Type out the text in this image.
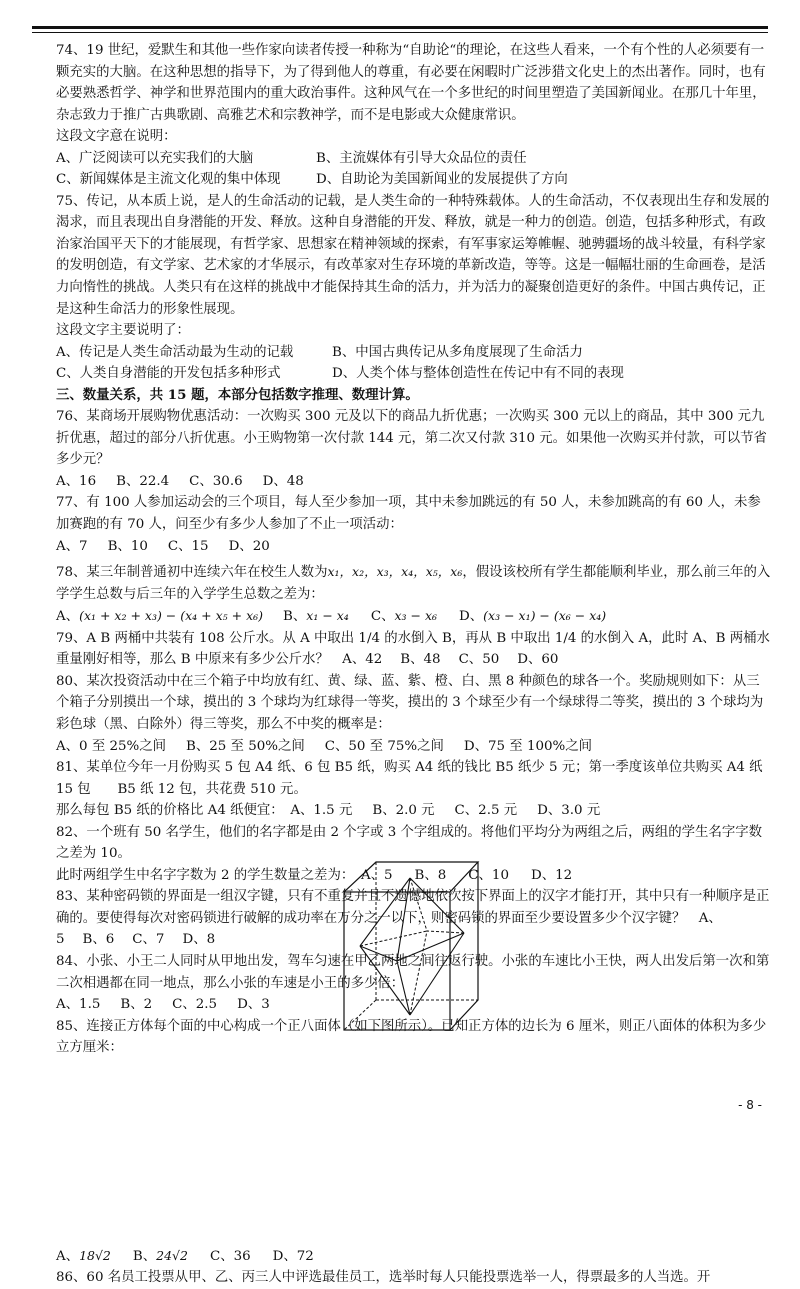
74、19 世纪，爱默生和其他一些作家向读者传授一种称为“自助论“的理论，在这些人看来，一个有个性的人必须要有一颗充实的大脑。在这种思想的指导下，为了得到他人的尊重，有必要在闲暇时广泛涉猎文化史上的杰出著作。同时，也有必要熟悉哲学、神学和世界范围内的重大政治事件。这种风气在一个多世纪的时间里塑造了美国新闻业。在那几十年里，杂志致力于推广古典歌剧、高雅艺术和宗教神学，而不是电影或大众健康常识。

这段文字意在说明：

A、广泛阅读可以充实我们的大脑	B、主流媒体有引导大众品位的责任

C、新闻媒体是主流文化观的集中体现	D、自助论为美国新闻业的发展提供了方向

75、传记，从本质上说，是人的生命活动的记载，是人类生命的一种特殊载体。人的生命活动，不仅表现出生存和发展的渴求，而且表现出自身潜能的开发、释放。这种自身潜能的开发、释放，就是一种力的创造。创造，包括多种形式，有政治家治国平天下的才能展现，有哲学家、思想家在精神领域的探索，有军事家运筹帷幄、驰骋疆场的战斗较量，有科学家的发明创造，有文学家、艺术家的才华展示，有改革家对生存环境的革新改造，等等。这是一幅幅壮丽的生命画卷，是活力向惰性的挑战。人类只有在这样的挑战中才能保持其生命的活力，并为活力的凝聚创造更好的条件。中国古典传记，正是这种生命活力的形象性展现。

这段文字主要说明了：

A、传记是人类生命活动最为生动的记载	B、中国古典传记从多角度展现了生命活力

C、人类自身潜能的开发包括多种形式	D、人类个体与整体创造性在传记中有不同的表现

三、数量关系，共 15 题，本部分包括数字推理、数理计算。

76、某商场开展购物优惠活动：一次购买 300 元及以下的商品九折优惠；一次购买 300 元以上的商品，其中 300 元九折优惠，超过的部分八折优惠。小王购物第一次付款 144 元，第二次又付款 310 元。如果他一次购买并付款，可以节省多少元？

A、16 B、22.4 C、30.6 D、48

77、有 100 人参加运动会的三个项目，每人至少参加一项，其中未参加跳远的有 50 人，未参加跳高的有 60 人，未参加赛跑的有 70 人，问至少有多少人参加了不止一项活动：

A、7 B、10 C、15 D、20

78、某三年制普通初中连续六年在校生人数为x₁，x₂，x₃，x₄，x₅，x₆，假设该校所有学生都能顺利毕业，那么前三年的入学学生总数与后三年的入学学生总数之差为：

A、(x₁ + x₂ + x₃) − (x₄ + x₅ + x₆) B、x₁ − x₄ C、x₃ − x₆ D、(x₃ − x₁) − (x₆ − x₄)

79、A B 两桶中共装有 108 公斤水。从 A 中取出 1/4 的水倒入 B，再从 B 中取出 1/4 的水倒入 A，此时 A、B 两桶水重量刚好相等，那么 B 中原来有多少公斤水？　 A、42 B、48 C、50 D、60

80、某次投资活动中在三个箱子中均放有红、黄、绿、蓝、紫、橙、白、黑 8 种颜色的球各一个。奖励规则如下：从三个箱子分别摸出一个球，摸出的 3 个球均为红球得一等奖，摸出的 3 个球至少有一个绿球得二等奖，摸出的 3 个球均为彩色球（黑、白除外）得三等奖，那么不中奖的概率是：

A、0 至 25%之间 B、25 至 50%之间 C、50 至 75%之间 D、75 至 100%之间

81、某单位今年一月份购买 5 包 A4 纸、6 包 B5 纸，购买 A4 纸的钱比 B5 纸少 5 元；第一季度该单位共购买 A4 纸 15 包　　B5 纸 12 包，共花费 510 元。

那么每包 B5 纸的价格比 A4 纸便宜：　 A、1.5 元 B、2.0 元 C、2.5 元 D、3.0 元

82、一个班有 50 名学生，他们的名字都是由 2 个字或 3 个字组成的。将他们平均分为两组之后，两组的学生名字字数之差为 10。

此时两组学生中名字字数为 2 的学生数量之差为：　 A、5 B、8 C、10 D、12

83、某种密码锁的界面是一组汉字键，只有不重复并且不遗憾地依次按下界面上的汉字才能打开，其中只有一种顺序是正确的。要使得每次对密码锁进行破解的成功率在万分之一以下，则密码锁的界面至少要设置多少个汉字键？　 A、5 B、6 C、7 D、8

84、小张、小王二人同时从甲地出发，驾车匀速在甲乙两地之间往返行驶。小张的车速比小王快，两人出发后第一次和第二次相遇都在同一地点，那么小张的车速是小王的多少倍：

A、1.5 B、2 C、2.5 D、3

85、连接正方体每个面的中心构成一个正八面体（如下图所示）。已知正方体的边长为 6 厘米，则正八面体的体积为多少立方厘米：

A、18√2 B、24√2 C、36 D、72

86、60 名员工投票从甲、乙、丙三人中评选最佳员工，选举时每人只能投票选举一人，得票最多的人当选。开

- 8 -
